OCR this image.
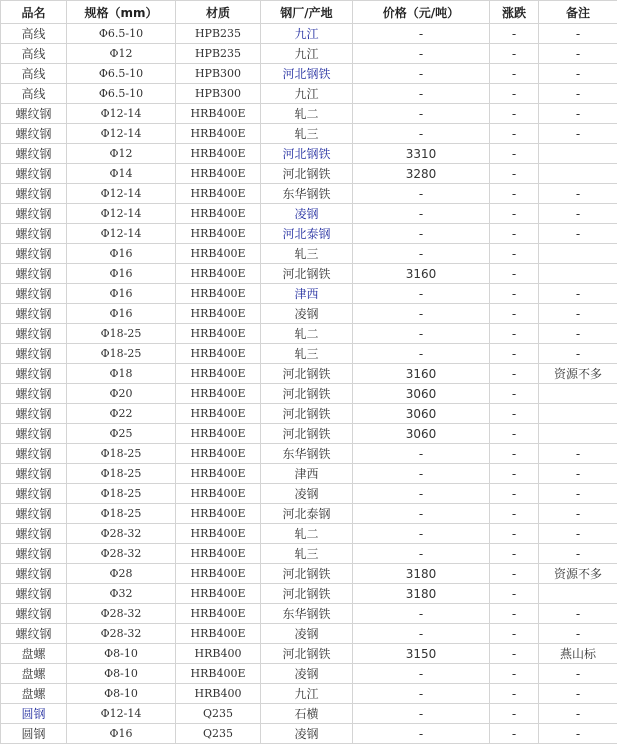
品名	规格（mm）	材质	钢厂/产地	价格（元/吨）	涨跌	备注
高线	Φ6.5-10	HPB235	九江	-	-	-
高线	Φ12	HPB235	九江	-	-	-
高线	Φ6.5-10	HPB300	河北钢铁	-	-	-
高线	Φ6.5-10	HPB300	九江	-	-	-
螺纹钢	Φ12-14	HRB400E	轧二	-	-	-
螺纹钢	Φ12-14	HRB400E	轧三	-	-	-
螺纹钢	Φ12	HRB400E	河北钢铁	3310	-	
螺纹钢	Φ14	HRB400E	河北钢铁	3280	-	
螺纹钢	Φ12-14	HRB400E	东华钢铁	-	-	-
螺纹钢	Φ12-14	HRB400E	凌钢	-	-	-
螺纹钢	Φ12-14	HRB400E	河北泰钢	-	-	-
螺纹钢	Φ16	HRB400E	轧三	-	-	
螺纹钢	Φ16	HRB400E	河北钢铁	3160	-	
螺纹钢	Φ16	HRB400E	津西	-	-	-
螺纹钢	Φ16	HRB400E	凌钢	-	-	-
螺纹钢	Φ18-25	HRB400E	轧二	-	-	-
螺纹钢	Φ18-25	HRB400E	轧三	-	-	-
螺纹钢	Φ18	HRB400E	河北钢铁	3160	-	资源不多
螺纹钢	Φ20	HRB400E	河北钢铁	3060	-	
螺纹钢	Φ22	HRB400E	河北钢铁	3060	-	
螺纹钢	Φ25	HRB400E	河北钢铁	3060	-	
螺纹钢	Φ18-25	HRB400E	东华钢铁	-	-	-
螺纹钢	Φ18-25	HRB400E	津西	-	-	-
螺纹钢	Φ18-25	HRB400E	凌钢	-	-	-
螺纹钢	Φ18-25	HRB400E	河北泰钢	-	-	-
螺纹钢	Φ28-32	HRB400E	轧二	-	-	-
螺纹钢	Φ28-32	HRB400E	轧三	-	-	-
螺纹钢	Φ28	HRB400E	河北钢铁	3180	-	资源不多
螺纹钢	Φ32	HRB400E	河北钢铁	3180	-	
螺纹钢	Φ28-32	HRB400E	东华钢铁	-	-	-
螺纹钢	Φ28-32	HRB400E	凌钢	-	-	-
盘螺	Φ8-10	HRB400	河北钢铁	3150	-	燕山标
盘螺	Φ8-10	HRB400E	凌钢	-	-	-
盘螺	Φ8-10	HRB400	九江	-	-	-
圆钢	Φ12-14	Q235	石横	-	-	-
圆钢	Φ16	Q235	凌钢	-	-	-
